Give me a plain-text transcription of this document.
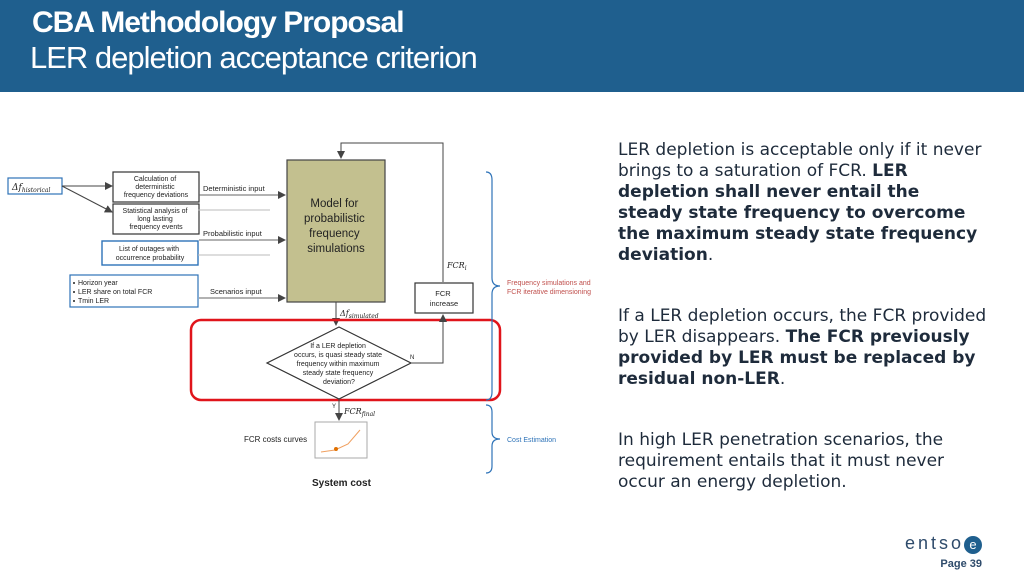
CBA Methodology Proposal
LER depletion acceptance criterion
$\Delta f_{historical}$
Calculation of deterministic frequency deviations
Statistical analysis of long lasting frequency events
List of outages with occurrence probability
Horizon year LER share on total FCR Tmin LER
Deterministic input
Probabilistic input
Scenarios input
Model for probabilistic frequency simulations
$FCR_i$
FCR increase
$\Delta f_{simulated}$
If a LER depletion occurs, is quasi steady state frequency within maximum steady state frequency deviation?
N
Y $FCR_{final}$
FCR costs curves
System cost
Frequency simulations and FCR iterative dimensioning
Cost Estimation

LER depletion is acceptable only if it never brings to a saturation of FCR. LER depletion shall never entail the steady state frequency to overcome the maximum steady state frequency deviation.

If a LER depletion occurs, the FCR provided by LER disappears. The FCR previously provided by LER must be replaced by residual non-LER.

In high LER penetration scenarios, the requirement entails that it must never occur an energy depletion.

entso e
Page 39
